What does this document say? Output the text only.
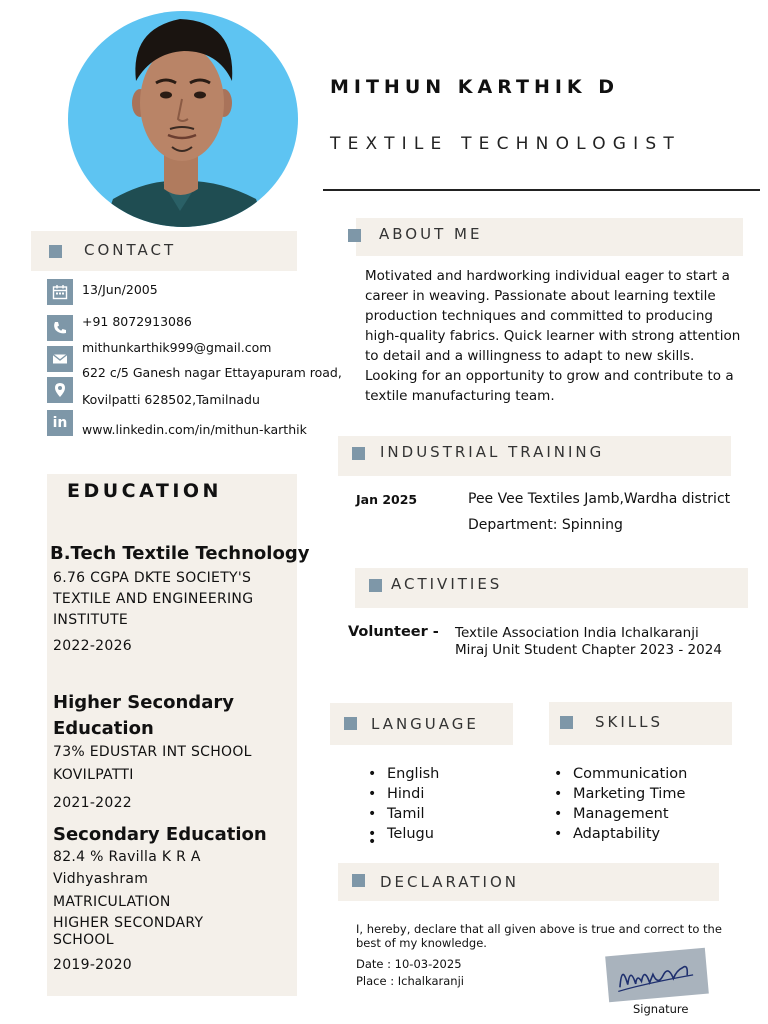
MITHUN KARTHIK D
TEXTILE TECHNOLOGIST
CONTACT
13/Jun/2005
+91 8072913086
mithunkarthik999@gmail.com
622 c/5 Ganesh nagar Ettayapuram road,
Kovilpatti 628502,Tamilnadu
in www.linkedin.com/in/mithun-karthik
EDUCATION
B.Tech Textile Technology
6.76 CGPA DKTE SOCIETY'S
TEXTILE AND ENGINEERING
INSTITUTE
2022-2026
Higher Secondary
Education
73% EDUSTAR INT SCHOOL
KOVILPATTI
2021-2022
Secondary Education
82.4 % Ravilla K R A
Vidhyashram
MATRICULATION
HIGHER SECONDARY
SCHOOL
2019-2020
ABOUT ME
Motivated and hardworking individual eager to start a career in weaving. Passionate about learning textile production techniques and committed to producing high-quality fabrics. Quick learner with strong attention to detail and a willingness to adapt to new skills. Looking for an opportunity to grow and contribute to a textile manufacturing team.
INDUSTRIAL TRAINING
Jan 2025	Pee Vee Textiles Jamb,Wardha district
Department: Spinning
ACTIVITIES
Volunteer - Textile Association India Ichalkaranji
Miraj Unit Student Chapter 2023 - 2024
LANGUAGE
• English
• Hindi
• Tamil
• Telugu
•
SKILLS
• Communication
• Marketing Time
• Management
• Adaptability
DECLARATION
I, hereby, declare that all given above is true and correct to the best of my knowledge.
Date : 10-03-2025
Place : Ichalkaranji
Signature
